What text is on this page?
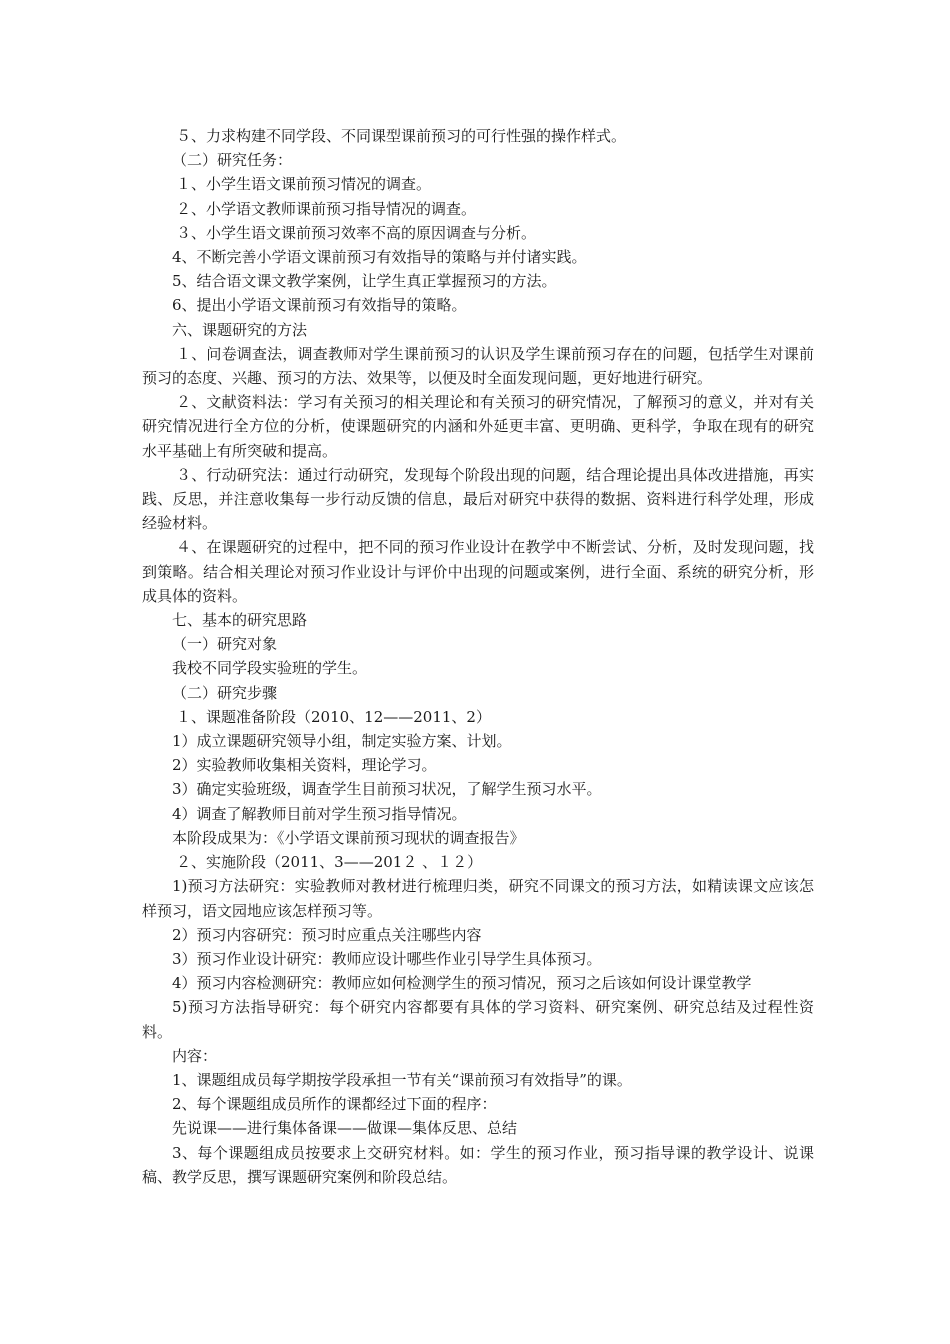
５、力求构建不同学段、不同课型课前预习的可行性强的操作样式。

（二）研究任务：

１、小学生语文课前预习情况的调查。

２、小学语文教师课前预习指导情况的调查。

３、小学生语文课前预习效率不高的原因调查与分析。

4、不断完善小学语文课前预习有效指导的策略与并付诸实践。

5、结合语文课文教学案例，让学生真正掌握预习的方法。

6、提出小学语文课前预习有效指导的策略。

六、课题研究的方法

１、问卷调查法，调查教师对学生课前预习的认识及学生课前预习存在的问题，包括学生对课前预习的态度、兴趣、预习的方法、效果等，以便及时全面发现问题，更好地进行研究。

２、文献资料法：学习有关预习的相关理论和有关预习的研究情况，了解预习的意义，并对有关研究情况进行全方位的分析，使课题研究的内涵和外延更丰富、更明确、更科学，争取在现有的研究水平基础上有所突破和提高。

３、行动研究法：通过行动研究，发现每个阶段出现的问题，结合理论提出具体改进措施，再实践、反思，并注意收集每一步行动反馈的信息，最后对研究中获得的数据、资料进行科学处理，形成经验材料。

４、在课题研究的过程中，把不同的预习作业设计在教学中不断尝试、分析，及时发现问题，找到策略。结合相关理论对预习作业设计与评价中出现的问题或案例，进行全面、系统的研究分析，形成具体的资料。

七、基本的研究思路

（一）研究对象

我校不同学段实验班的学生。

（二）研究步骤

１、课题准备阶段（2010、12——2011、2）

1）成立课题研究领导小组，制定实验方案、计划。

2）实验教师收集相关资料，理论学习。

3）确定实验班级，调查学生目前预习状况，了解学生预习水平。

4）调查了解教师目前对学生预习指导情况。

本阶段成果为：《小学语文课前预习现状的调查报告》

２、实施阶段（2011、3——201２ 、１２）

1)预习方法研究：实验教师对教材进行梳理归类，研究不同课文的预习方法，如精读课文应该怎样预习，语文园地应该怎样预习等。

2）预习内容研究：预习时应重点关注哪些内容

3）预习作业设计研究：教师应设计哪些作业引导学生具体预习。

4）预习内容检测研究：教师应如何检测学生的预习情况，预习之后该如何设计课堂教学

5)预习方法指导研究：每个研究内容都要有具体的学习资料、研究案例、研究总结及过程性资料。

内容：

1、课题组成员每学期按学段承担一节有关“课前预习有效指导”的课。

2、每个课题组成员所作的课都经过下面的程序：

先说课——进行集体备课——做课—集体反思、总结

3、每个课题组成员按要求上交研究材料。如：学生的预习作业，预习指导课的教学设计、说课稿、教学反思，撰写课题研究案例和阶段总结。
